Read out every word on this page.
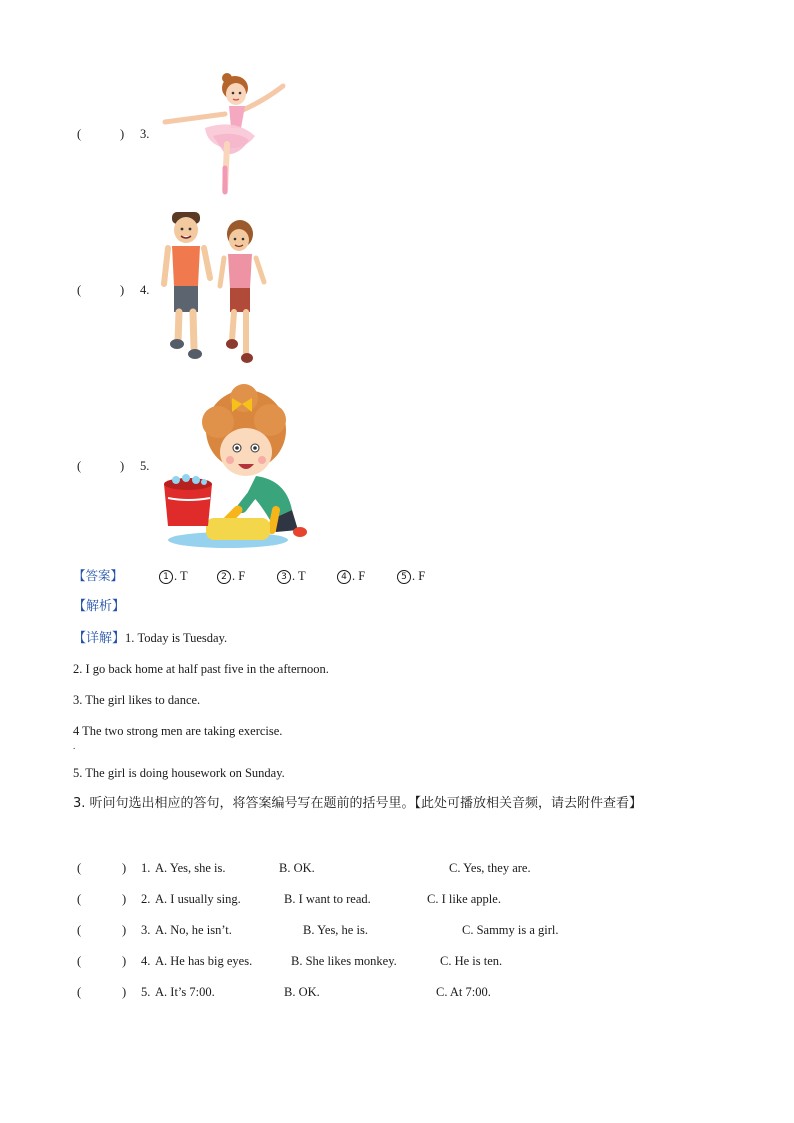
(	) 3.
(	) 4.
(	) 5.
【答案】	1 . T	2 . F	3 . T	4 . F	5 . F
【解析】
【详解】1. Today is Tuesday.
2. I go back home at half past five in the afternoon.
3. The girl likes to dance.
4 The two strong men are taking exercise.
.
5. The girl is doing housework on Sunday.
3. 听问句选出相应的答句，将答案编号写在题前的括号里。【此处可播放相关音频，请去附件查看】
(	) 1. A. Yes, she is.	B. OK.	C. Yes, they are.
(	) 2. A. I usually sing.	B. I want to read.	C. I like apple.
(	) 3. A. No, he isn’t.	B. Yes, he is.	C. Sammy is a girl.
(	) 4. A. He has big eyes.	B. She likes monkey.	C. He is ten.
(	) 5. A. It’s 7:00.	B. OK.	C. At 7:00.
